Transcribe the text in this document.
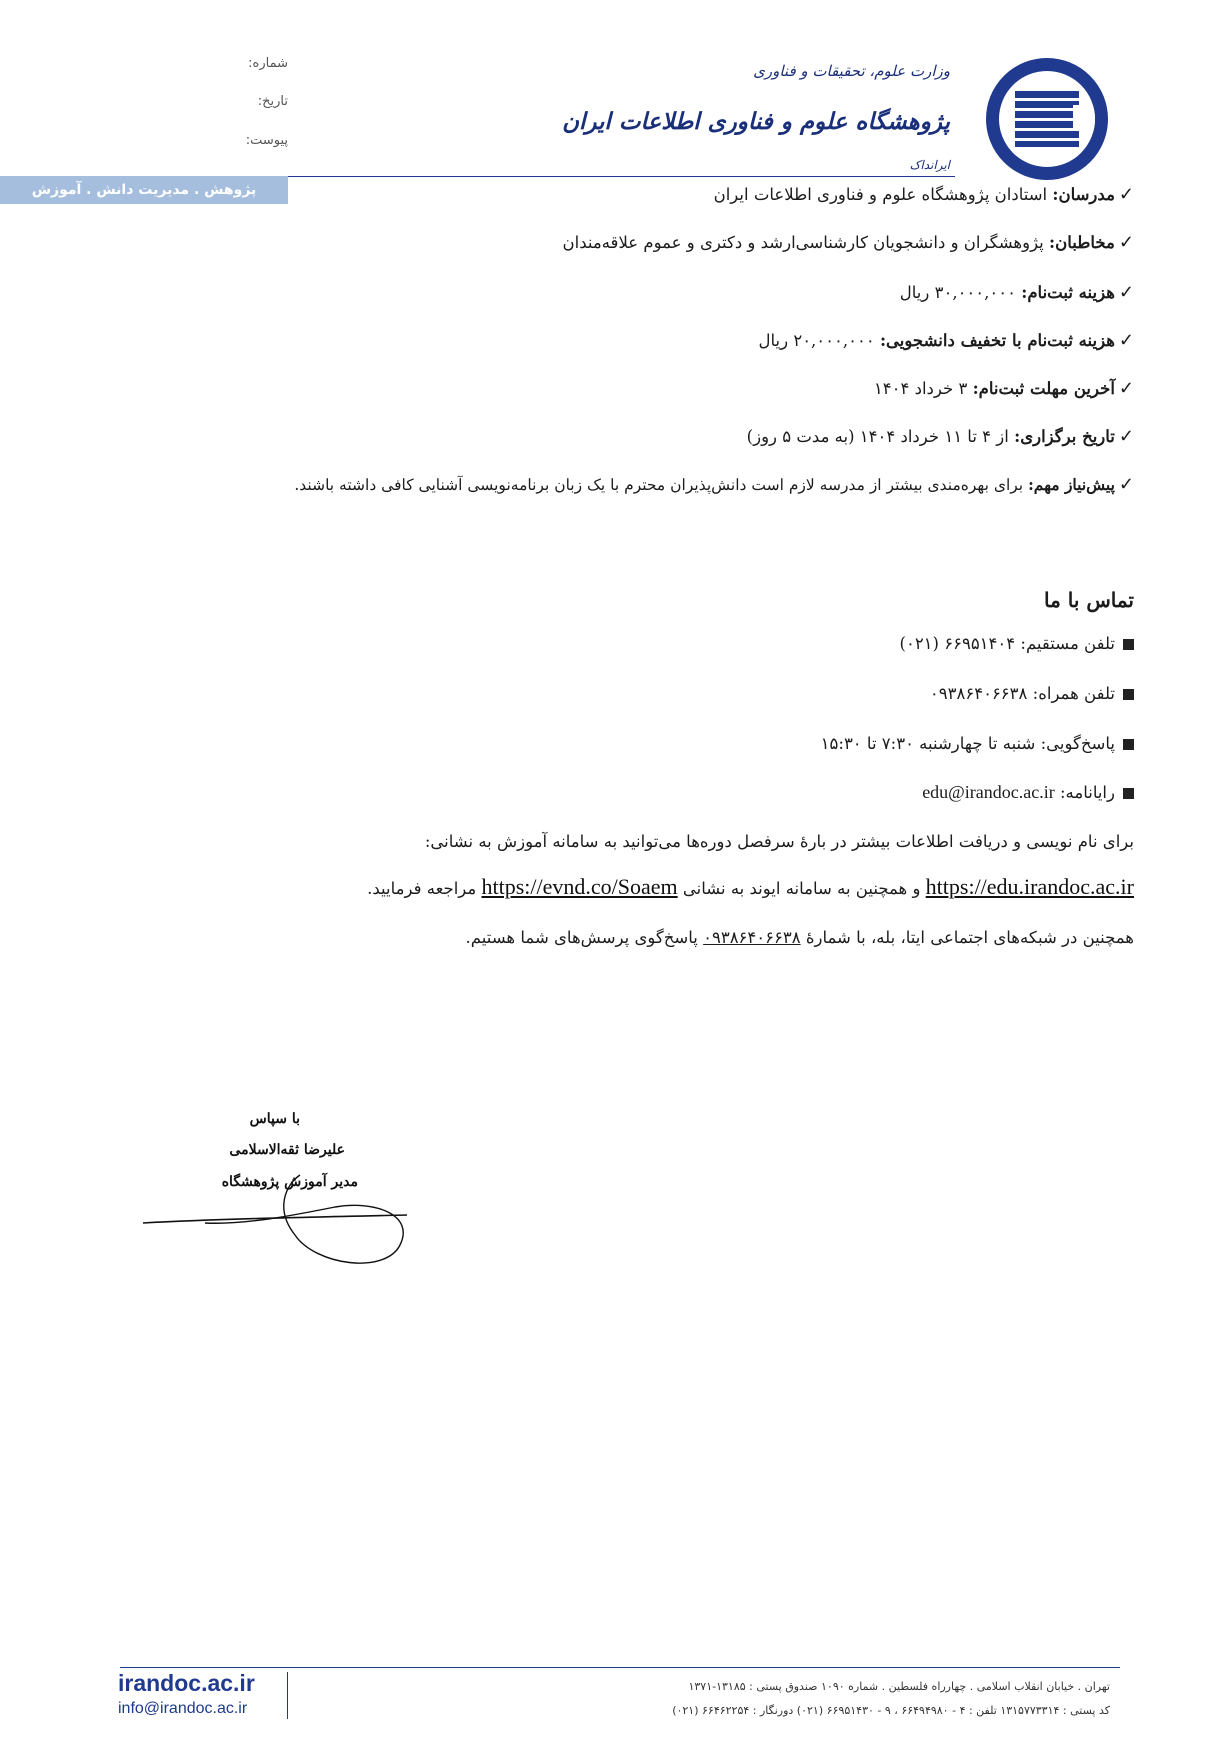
شماره:
تاریخ:
پیوست:
وزارت علوم، تحقیقات و فناوری
پژوهشگاه علوم و فناوری اطلاعات ایران
ایرانداک
پژوهش . مدیریت دانش . آموزش	✓مدرسان: استادان پژوهشگاه علوم و فناوری اطلاعات ایران
✓مخاطبان: پژوهشگران و دانشجویان کارشناسی‌ارشد و دکتری و عموم علاقه‌مندان
✓هزینه ثبت‌نام: ۳۰,۰۰۰,۰۰۰ ریال
✓هزینه ثبت‌نام با تخفیف دانشجویی: ۲۰,۰۰۰,۰۰۰ ریال
✓آخرین مهلت ثبت‌نام: ۳ خرداد ۱۴۰۴
✓تاریخ برگزاری: از ۴ تا ۱۱ خرداد ۱۴۰۴ (به مدت ۵ روز)
✓پیش‌نیاز مهم: برای بهره‌مندی بیشتر از مدرسه لازم است دانش‌پذیران محترم با یک زبان برنامه‌نویسی آشنایی کافی داشته باشند.
تماس با ما
تلفن مستقیم: ۶۶۹۵۱۴۰۴ (۰۲۱)
تلفن همراه: ۰۹۳۸۶۴۰۶۶۳۸
پاسخ‌گویی: شنبه تا چهارشنبه ۷:۳۰ تا ۱۵:۳۰
رایانامه: edu@irandoc.ac.ir
برای نام نویسی و دریافت اطلاعات بیشتر در بارهٔ سرفصل دوره‌ها می‌توانید به سامانه آموزش به نشانی:
https://edu.irandoc.ac.ir و همچنین به سامانه ایوند به نشانی https://evnd.co/Soaem مراجعه فرمایید.
همچنین در شبکه‌های اجتماعی ایتا، بله، با شمارهٔ ۰۹۳۸۶۴۰۶۶۳۸ پاسخ‌گوی پرسش‌های شما هستیم.
با سپاس
علیرضا ثقه‌الاسلامی
مدیر آموزش پژوهشگاه
irandoc.ac.ir
info@irandoc.ac.ir
تهران . خیابان انقلاب اسلامی . چهارراه فلسطین . شماره ۱۰۹۰ صندوق پستی : ۱۳۱۸۵-۱۳۷۱
کد پستی : ۱۳۱۵۷۷۳۳۱۴ تلفن : ۴ - ۶۶۴۹۴۹۸۰ ، ۹ - ۶۶۹۵۱۴۳۰ (۰۲۱) دورنگار : ۶۶۴۶۲۲۵۴ (۰۲۱)
